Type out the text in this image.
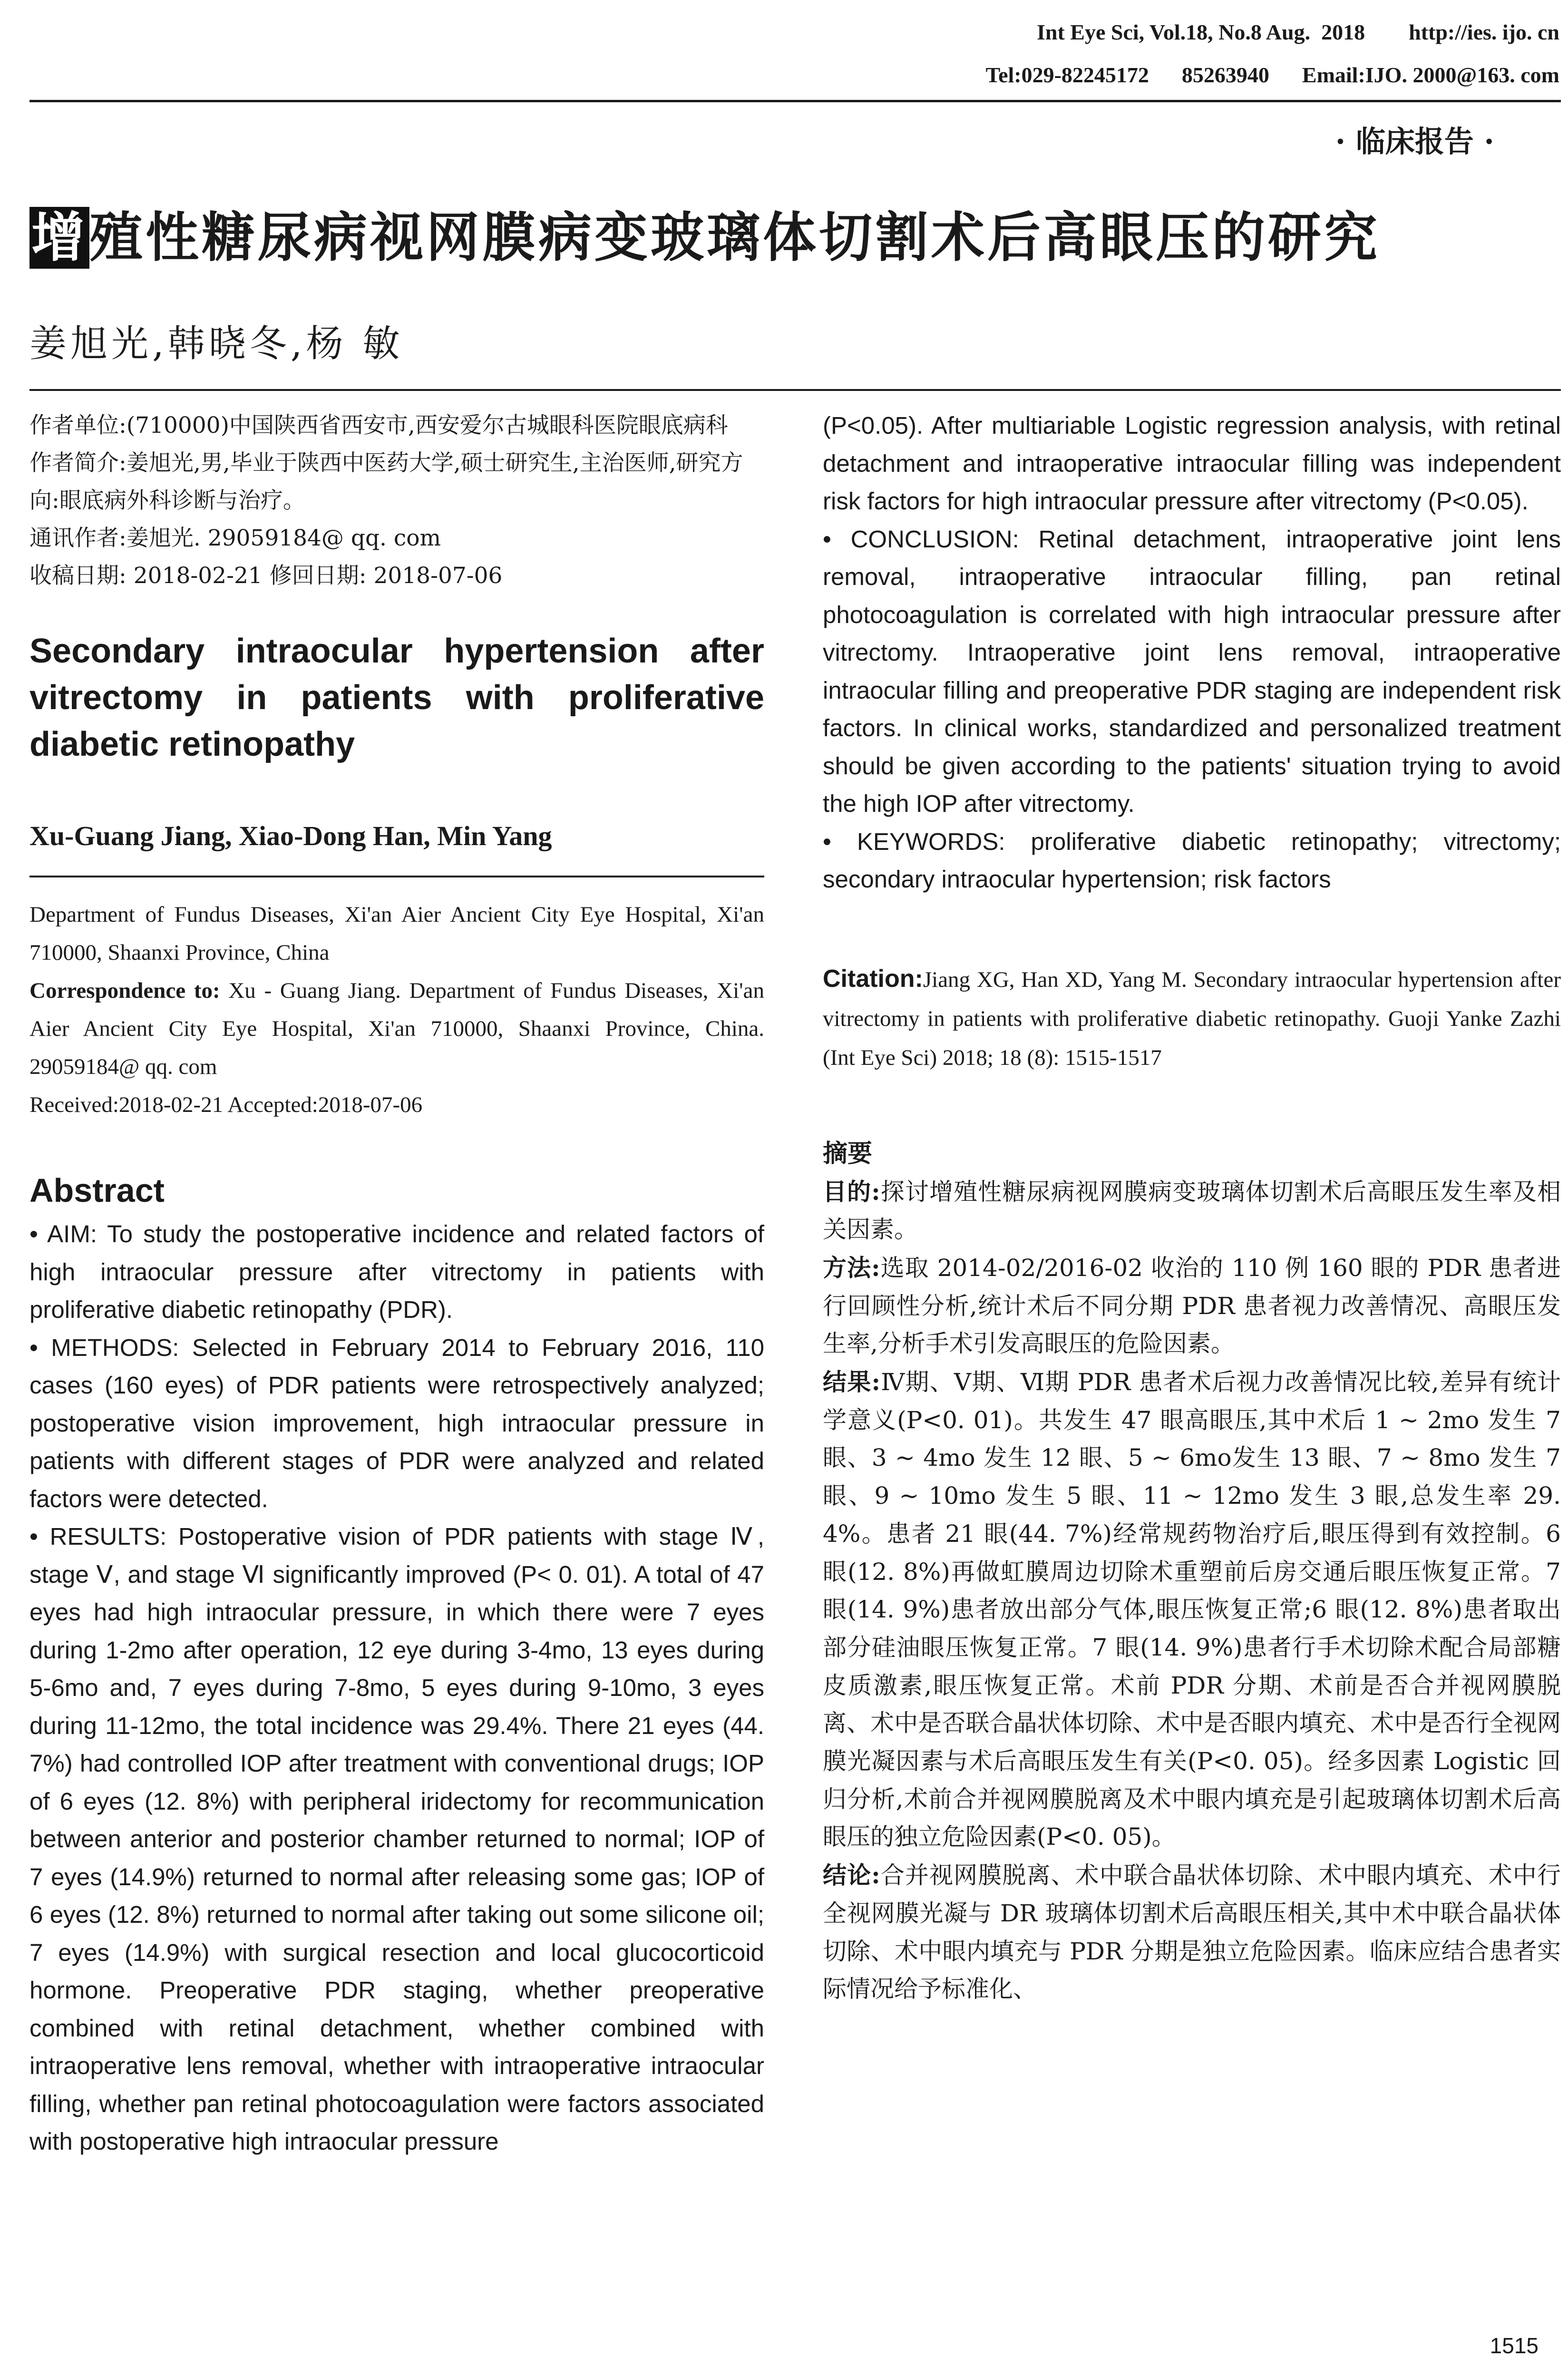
Int Eye Sci, Vol.18, No.8 Aug.  2018        http://ies. ijo. cn
Tel:029-82245172      85263940      Email:IJO. 2000@163. com
· 临床报告 ·
增殖性糖尿病视网膜病变玻璃体切割术后高眼压的研究
姜旭光,韩晓冬,杨 敏

作者单位:(710000)中国陕西省西安市,西安爱尔古城眼科医院眼底病科

作者简介:姜旭光,男,毕业于陕西中医药大学,硕士研究生,主治医师,研究方向:眼底病外科诊断与治疗。

通讯作者:姜旭光. 29059184@ qq. com

收稿日期: 2018-02-21 修回日期: 2018-07-06

Secondary intraocular hypertension after vitrectomy in patients with proliferative diabetic retinopathy
Xu-Guang Jiang, Xiao-Dong Han, Min Yang

Department of Fundus Diseases, Xi'an Aier Ancient City Eye Hospital, Xi'an 710000, Shaanxi Province, China

Correspondence to: Xu - Guang Jiang. Department of Fundus Diseases, Xi'an Aier Ancient City Eye Hospital, Xi'an 710000, Shaanxi Province, China. 29059184@ qq. com

Received:2018-02-21 Accepted:2018-07-06

Abstract

• AIM: To study the postoperative incidence and related factors of high intraocular pressure after vitrectomy in patients with proliferative diabetic retinopathy (PDR).

• METHODS: Selected in February 2014 to February 2016, 110 cases (160 eyes) of PDR patients were retrospectively analyzed; postoperative vision improvement, high intraocular pressure in patients with different stages of PDR were analyzed and related factors were detected.

• RESULTS: Postoperative vision of PDR patients with stage Ⅳ, stage Ⅴ, and stage Ⅵ significantly improved (P< 0. 01). A total of 47 eyes had high intraocular pressure, in which there were 7 eyes during 1-2mo after operation, 12 eye during 3-4mo, 13 eyes during 5-6mo and, 7 eyes during 7-8mo, 5 eyes during 9-10mo, 3 eyes during 11-12mo, the total incidence was 29.4%. There 21 eyes (44. 7%) had controlled IOP after treatment with conventional drugs; IOP of 6 eyes (12. 8%) with peripheral iridectomy for recommunication between anterior and posterior chamber returned to normal; IOP of 7 eyes (14.9%) returned to normal after releasing some gas; IOP of 6 eyes (12. 8%) returned to normal after taking out some silicone oil; 7 eyes (14.9%) with surgical resection and local glucocorticoid hormone. Preoperative PDR staging, whether preoperative combined with retinal detachment, whether combined with intraoperative lens removal, whether with intraoperative intraocular filling, whether pan retinal photocoagulation were factors associated with postoperative high intraocular pressure

(P<0.05). After multiariable Logistic regression analysis, with retinal detachment and intraoperative intraocular filling was independent risk factors for high intraocular pressure after vitrectomy (P<0.05).

• CONCLUSION: Retinal detachment, intraoperative joint lens removal, intraoperative intraocular filling, pan retinal photocoagulation is correlated with high intraocular pressure after vitrectomy. Intraoperative joint lens removal, intraoperative intraocular filling and preoperative PDR staging are independent risk factors. In clinical works, standardized and personalized treatment should be given according to the patients' situation trying to avoid the high IOP after vitrectomy.

• KEYWORDS: proliferative diabetic retinopathy; vitrectomy; secondary intraocular hypertension; risk factors

Citation:Jiang XG, Han XD, Yang M. Secondary intraocular hypertension after vitrectomy in patients with proliferative diabetic retinopathy. Guoji Yanke Zazhi (Int Eye Sci) 2018; 18 (8): 1515-1517
摘要

目的:探讨增殖性糖尿病视网膜病变玻璃体切割术后高眼压发生率及相关因素。

方法:选取 2014-02/2016-02 收治的 110 例 160 眼的 PDR 患者进行回顾性分析,统计术后不同分期 PDR 患者视力改善情况、高眼压发生率,分析手术引发高眼压的危险因素。

结果:Ⅳ期、Ⅴ期、Ⅵ期 PDR 患者术后视力改善情况比较,差异有统计学意义(P<0. 01)。共发生 47 眼高眼压,其中术后 1 ~ 2mo 发生 7 眼、3 ~ 4mo 发生 12 眼、5 ~ 6mo发生 13 眼、7 ~ 8mo 发生 7 眼、9 ~ 10mo 发生 5 眼、11 ~ 12mo 发生 3 眼,总发生率 29. 4%。患者 21 眼(44. 7%)经常规药物治疗后,眼压得到有效控制。6 眼(12. 8%)再做虹膜周边切除术重塑前后房交通后眼压恢复正常。7 眼(14. 9%)患者放出部分气体,眼压恢复正常;6 眼(12. 8%)患者取出部分硅油眼压恢复正常。7 眼(14. 9%)患者行手术切除术配合局部糖皮质激素,眼压恢复正常。术前 PDR 分期、术前是否合并视网膜脱离、术中是否联合晶状体切除、术中是否眼内填充、术中是否行全视网膜光凝因素与术后高眼压发生有关(P<0. 05)。经多因素 Logistic 回归分析,术前合并视网膜脱离及术中眼内填充是引起玻璃体切割术后高眼压的独立危险因素(P<0. 05)。

结论:合并视网膜脱离、术中联合晶状体切除、术中眼内填充、术中行全视网膜光凝与 DR 玻璃体切割术后高眼压相关,其中术中联合晶状体切除、术中眼内填充与 PDR 分期是独立危险因素。临床应结合患者实际情况给予标准化、

1515
